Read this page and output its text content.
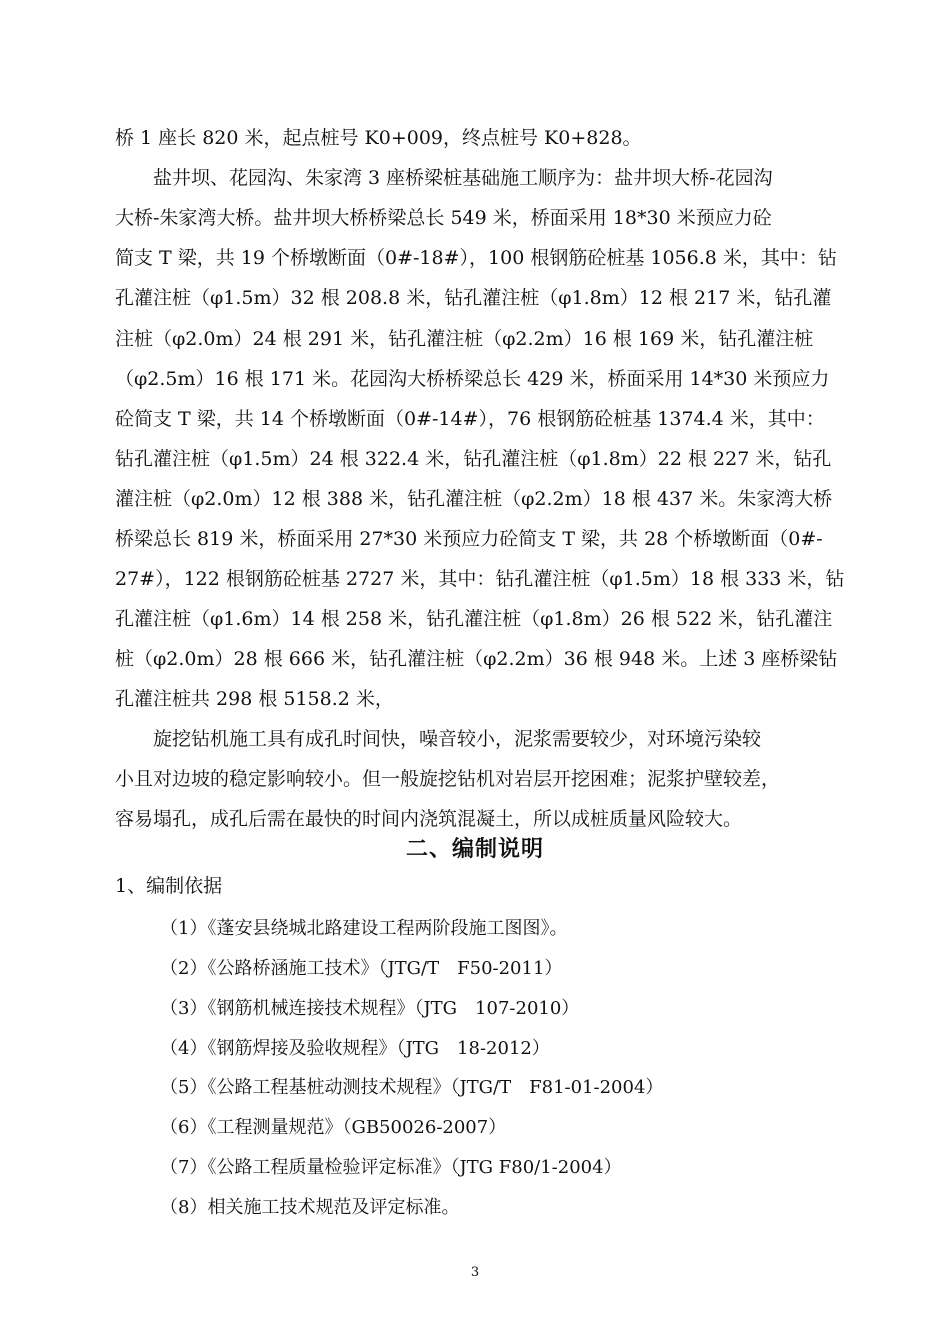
桥 1 座长 820 米，起点桩号 K0+009，终点桩号 K0+828。
　　盐井坝、花园沟、朱家湾 3 座桥梁桩基础施工顺序为：盐井坝大桥-花园沟
大桥-朱家湾大桥。盐井坝大桥桥梁总长 549 米，桥面采用 18*30 米预应力砼
简支 T 梁，共 19 个桥墩断面（0#-18#），100 根钢筋砼桩基 1056.8 米，其中：钻
孔灌注桩（φ1.5m）32 根 208.8 米，钻孔灌注桩（φ1.8m）12 根 217 米，钻孔灌
注桩（φ2.0m）24 根 291 米，钻孔灌注桩（φ2.2m）16 根 169 米，钻孔灌注桩
（φ2.5m）16 根 171 米。花园沟大桥桥梁总长 429 米，桥面采用 14*30 米预应力
砼简支 T 梁，共 14 个桥墩断面（0#-14#），76 根钢筋砼桩基 1374.4 米，其中：
钻孔灌注桩（φ1.5m）24 根 322.4 米，钻孔灌注桩（φ1.8m）22 根 227 米，钻孔
灌注桩（φ2.0m）12 根 388 米，钻孔灌注桩（φ2.2m）18 根 437 米。朱家湾大桥
桥梁总长 819 米，桥面采用 27*30 米预应力砼简支 T 梁，共 28 个桥墩断面（0#-
27#），122 根钢筋砼桩基 2727 米，其中：钻孔灌注桩（φ1.5m）18 根 333 米，钻
孔灌注桩（φ1.6m）14 根 258 米，钻孔灌注桩（φ1.8m）26 根 522 米，钻孔灌注
桩（φ2.0m）28 根 666 米，钻孔灌注桩（φ2.2m）36 根 948 米。上述 3 座桥梁钻
孔灌注桩共 298 根 5158.2 米，
　　旋挖钻机施工具有成孔时间快，噪音较小，泥浆需要较少，对环境污染较
小且对边坡的稳定影响较小。但一般旋挖钻机对岩层开挖困难；泥浆护壁较差，
容易塌孔，成孔后需在最快的时间内浇筑混凝土，所以成桩质量风险较大。
二、编制说明
1、编制依据
（1）《蓬安县绕城北路建设工程两阶段施工图图》。
（2）《公路桥涵施工技术》（JTG/T　F50-2011）
（3）《钢筋机械连接技术规程》（JTG　107-2010）
（4）《钢筋焊接及验收规程》（JTG　18-2012）
（5）《公路工程基桩动测技术规程》（JTG/T　F81-01-2004）
（6）《工程测量规范》（GB50026-2007）
（7）《公路工程质量检验评定标准》（JTG F80/1-2004）
（8）相关施工技术规范及评定标准。
3
